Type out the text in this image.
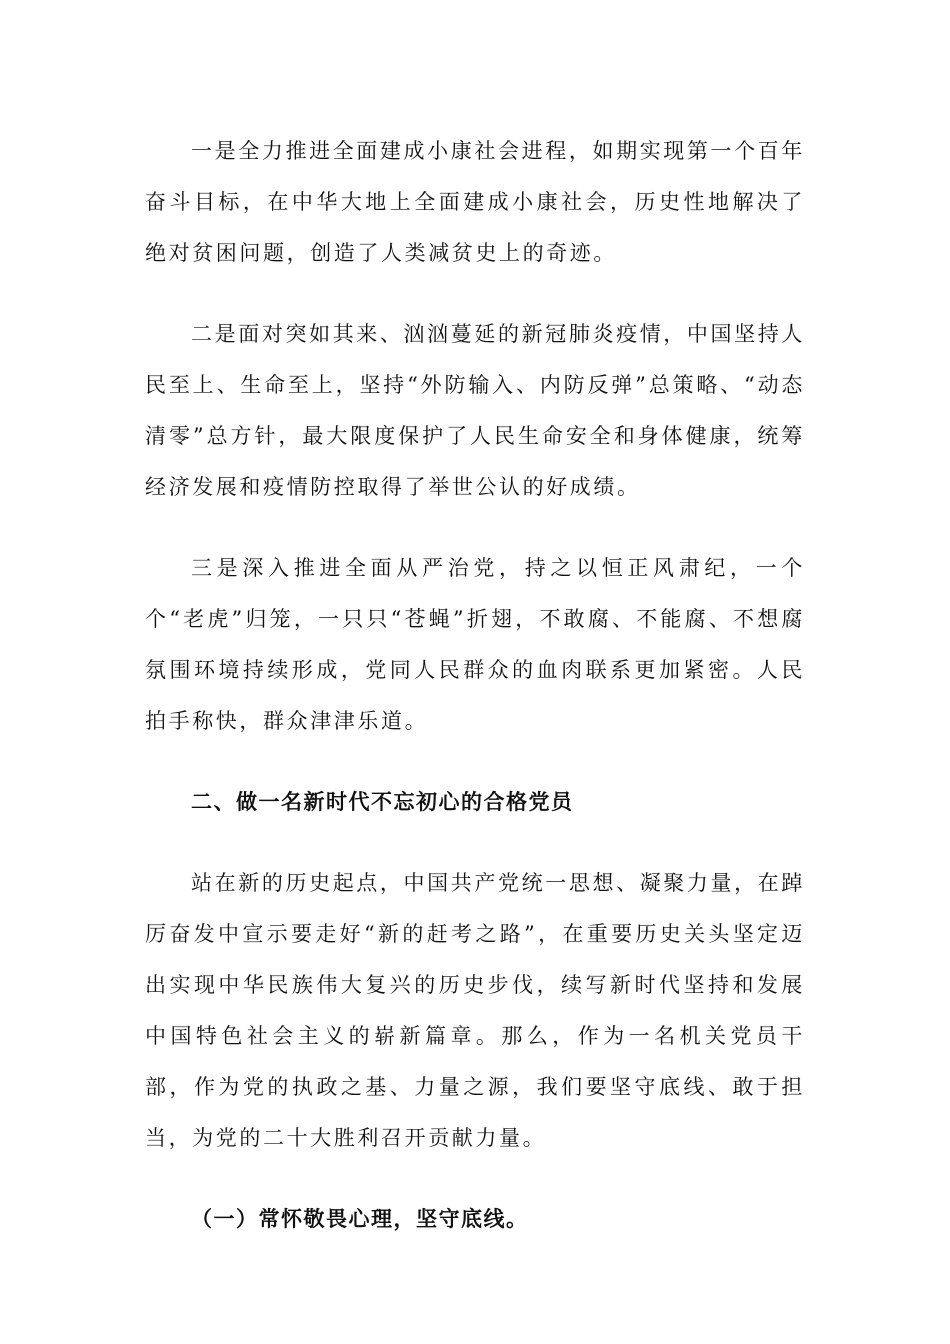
一是全力推进全面建成小康社会进程，如期实现第一个百年奋斗目标，在中华大地上全面建成小康社会，历史性地解决了绝对贫困问题，创造了人类减贫史上的奇迹。

二是面对突如其来、汹汹蔓延的新冠肺炎疫情，中国坚持人民至上、生命至上，坚持“外防输入、内防反弹”总策略、“动态清零”总方针，最大限度保护了人民生命安全和身体健康，统筹经济发展和疫情防控取得了举世公认的好成绩。

三是深入推进全面从严治党，持之以恒正风肃纪，一个个“老虎”归笼，一只只“苍蝇”折翅，不敢腐、不能腐、不想腐氛围环境持续形成，党同人民群众的血肉联系更加紧密。人民拍手称快，群众津津乐道。

二、做一名新时代不忘初心的合格党员

站在新的历史起点，中国共产党统一思想、凝聚力量，在踔厉奋发中宣示要走好“新的赶考之路”，在重要历史关头坚定迈出实现中华民族伟大复兴的历史步伐，续写新时代坚持和发展中国特色社会主义的崭新篇章。那么，作为一名机关党员干部，作为党的执政之基、力量之源，我们要坚守底线、敢于担当，为党的二十大胜利召开贡献力量。

（一）常怀敬畏心理，坚守底线。
